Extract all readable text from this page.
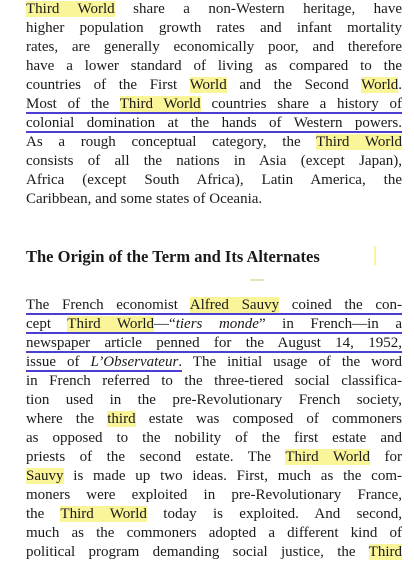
Third World share a non-Western heritage, have
higher population growth rates and infant mortality
rates, are generally economically poor, and therefore
have a lower standard of living as compared to the
countries of the First World and the Second World.
Most of the Third World countries share a history of
colonial domination at the hands of Western powers.
As a rough conceptual category, the Third World
consists of all the nations in Asia (except Japan),
Africa (except South Africa), Latin America, the
Caribbean, and some states of Oceania.
The Origin of the Term and Its Alternates
The French economist Alfred Sauvy coined the con-
cept Third World—“tiers monde” in French—in a
newspaper article penned for the August 14, 1952,
issue of L’Observateur. The initial usage of the word
in French referred to the three-tiered social classifica-
tion used in the pre-Revolutionary French society,
where the third estate was composed of commoners
as opposed to the nobility of the first estate and
priests of the second estate. The Third World for
Sauvy is made up two ideas. First, much as the com-
moners were exploited in pre-Revolutionary France,
the Third World today is exploited. And second,
much as the commoners adopted a different kind of
political program demanding social justice, the Third
